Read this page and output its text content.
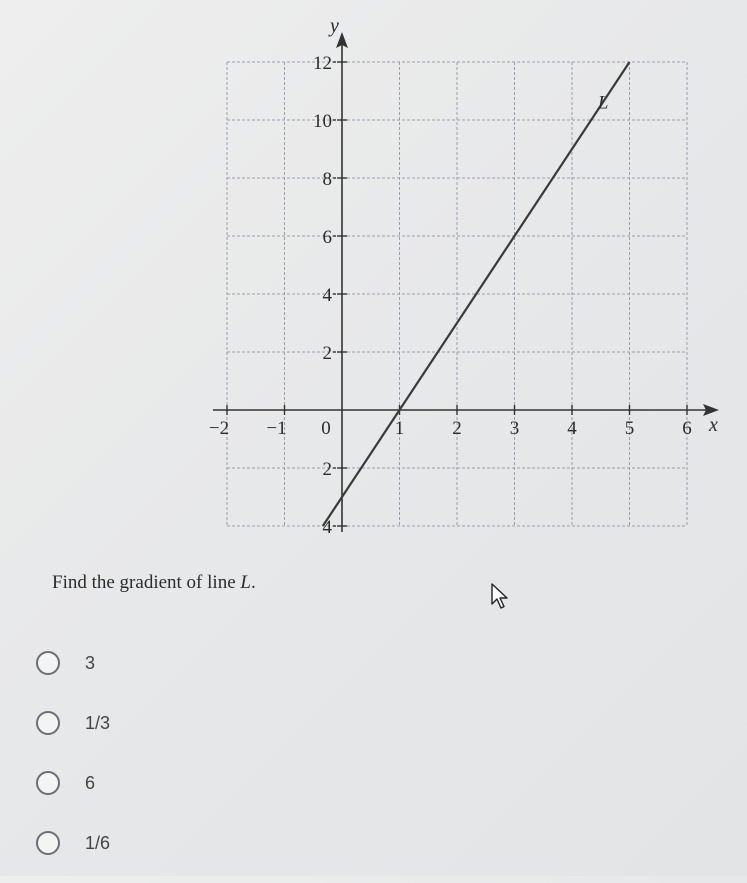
−2 −1 0	1	2	3	4	5	6
4
2
2
4
6
8
10
12
x
y
L
Find the gradient of line L.
3
1/3
6
1/6
